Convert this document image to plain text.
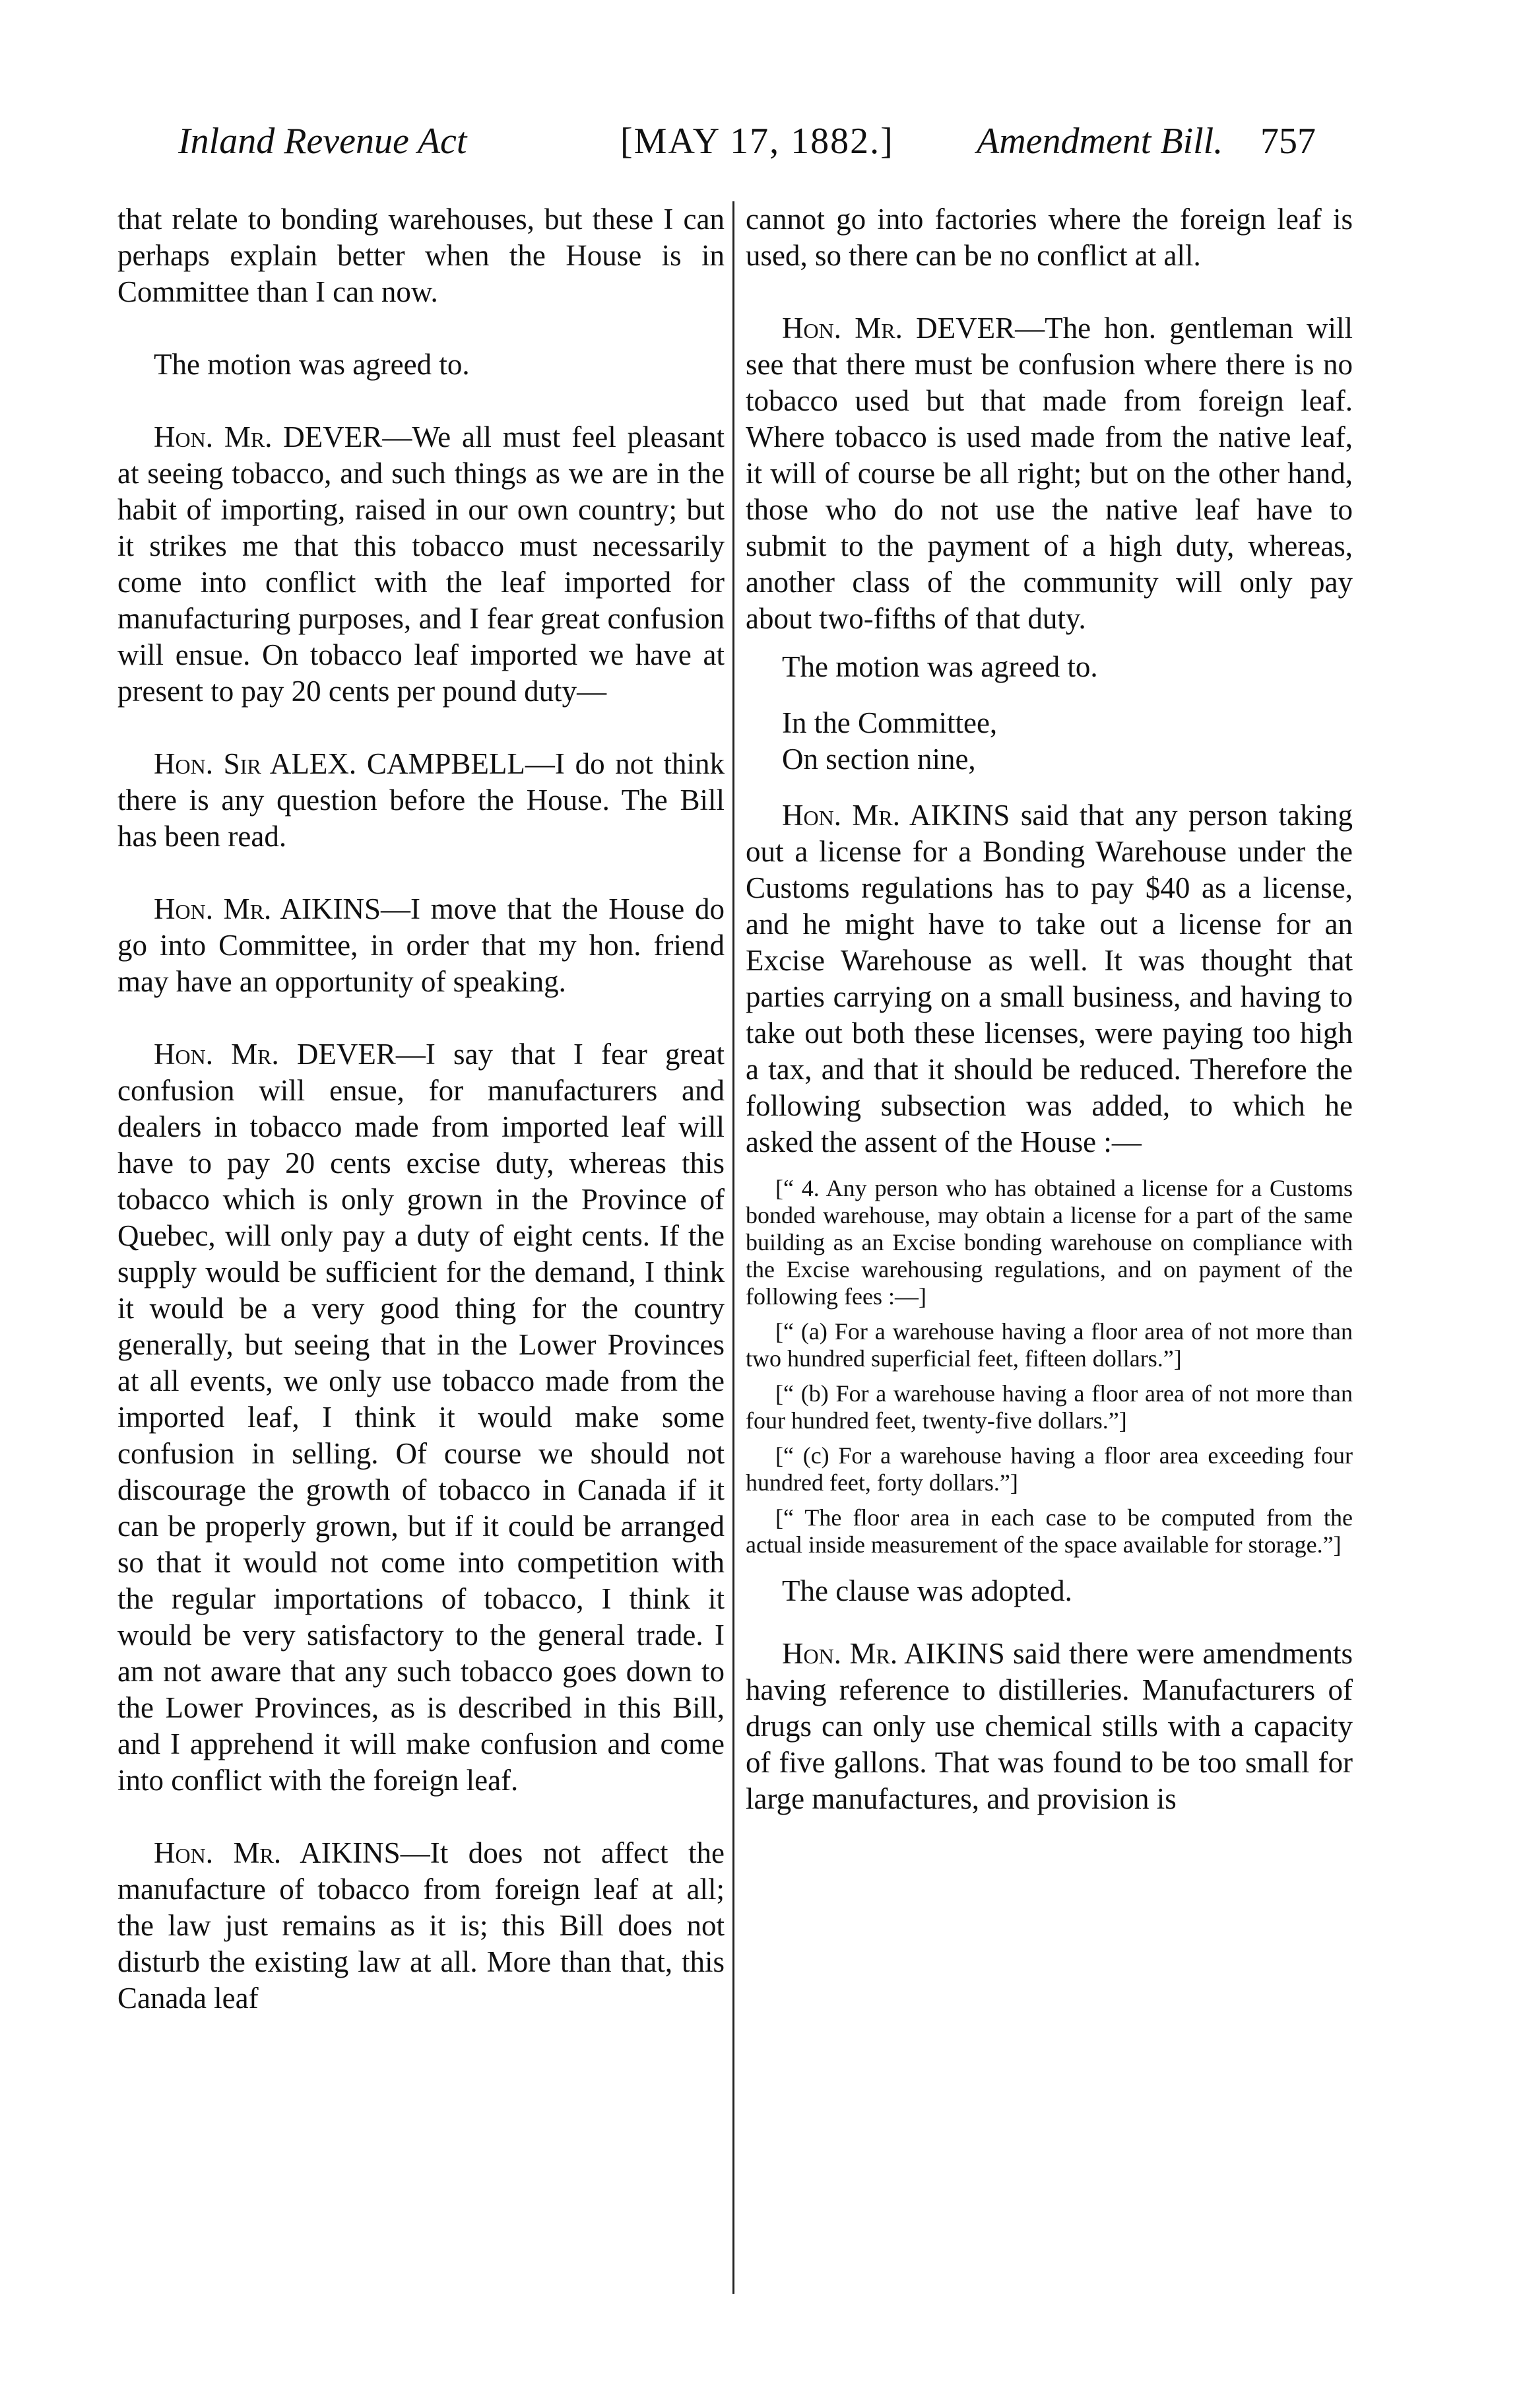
Inland Revenue Act	[MAY 17, 1882.] Amendment Bill. 757

that relate to bonding warehouses, but these I can perhaps explain better when the House is in Committee than I can now.

The motion was agreed to.

Hon. Mr. DEVER—We all must feel pleasant at seeing tobacco, and such things as we are in the habit of importing, raised in our own country; but it strikes me that this tobacco must necessarily come into conflict with the leaf imported for manufacturing purposes, and I fear great confusion will ensue. On tobacco leaf imported we have at present to pay 20 cents per pound duty—

Hon. Sir ALEX. CAMPBELL—I do not think there is any question before the House. The Bill has been read.

Hon. Mr. AIKINS—I move that the House do go into Committee, in order that my hon. friend may have an opportunity of speaking.

Hon. Mr. DEVER—I say that I fear great confusion will ensue, for manufacturers and dealers in tobacco made from imported leaf will have to pay 20 cents excise duty, whereas this tobacco which is only grown in the Province of Quebec, will only pay a duty of eight cents. If the supply would be sufficient for the demand, I think it would be a very good thing for the country generally, but seeing that in the Lower Provinces at all events, we only use tobacco made from the imported leaf, I think it would make some confusion in selling. Of course we should not discourage the growth of tobacco in Canada if it can be properly grown, but if it could be arranged so that it would not come into competition with the regular importations of tobacco, I think it would be very satisfactory to the general trade. I am not aware that any such tobacco goes down to the Lower Provinces, as is described in this Bill, and I apprehend it will make confusion and come into conflict with the foreign leaf.

Hon. Mr. AIKINS—It does not affect the manufacture of tobacco from foreign leaf at all; the law just remains as it is; this Bill does not disturb the existing law at all. More than that, this Canada leaf

cannot go into factories where the foreign leaf is used, so there can be no conflict at all.

Hon. Mr. DEVER—The hon. gentleman will see that there must be confusion where there is no tobacco used but that made from foreign leaf. Where tobacco is used made from the native leaf, it will of course be all right; but on the other hand, those who do not use the native leaf have to submit to the payment of a high duty, whereas, another class of the community will only pay about two-fifths of that duty.

The motion was agreed to.

In the Committee,

On section nine,

Hon. Mr. AIKINS said that any person taking out a license for a Bonding Warehouse under the Customs regulations has to pay $40 as a license, and he might have to take out a license for an Excise Warehouse as well. It was thought that parties carrying on a small business, and having to take out both these licenses, were paying too high a tax, and that it should be reduced. Therefore the following subsection was added, to which he asked the assent of the House :—

[“ 4. Any person who has obtained a license for a Customs bonded warehouse, may obtain a license for a part of the same building as an Excise bonding warehouse on compliance with the Excise warehousing regulations, and on payment of the following fees :—]

[“ (a) For a warehouse having a floor area of not more than two hundred superficial feet, fifteen dollars.”]

[“ (b) For a warehouse having a floor area of not more than four hundred feet, twenty-five dollars.”]

[“ (c) For a warehouse having a floor area exceeding four hundred feet, forty dollars.”]

[“ The floor area in each case to be computed from the actual inside measurement of the space available for storage.”]

The clause was adopted.

Hon. Mr. AIKINS said there were amendments having reference to distilleries. Manufacturers of drugs can only use chemical stills with a capacity of five gallons. That was found to be too small for large manufactures, and provision is
